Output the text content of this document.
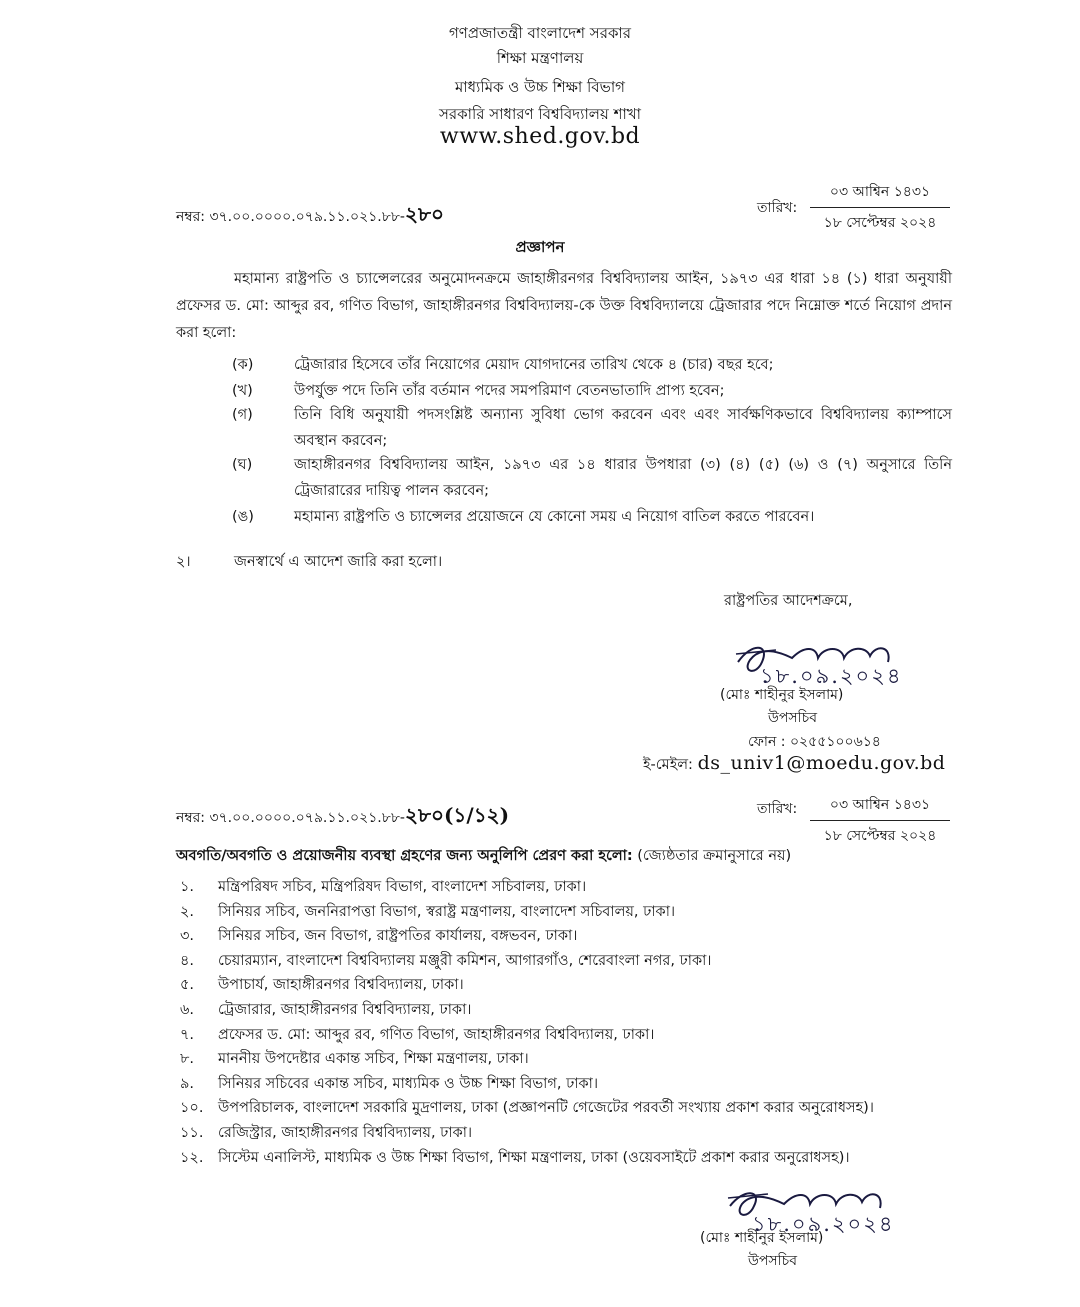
গণপ্রজাতন্ত্রী বাংলাদেশ সরকার
শিক্ষা মন্ত্রণালয়
মাধ্যমিক ও উচ্চ শিক্ষা বিভাগ
সরকারি সাধারণ বিশ্ববিদ্যালয় শাখা
www.shed.gov.bd
নম্বর: ৩৭.০০.০০০০.০৭৯.১১.০২১.৮৮-২৮০	তারিখ:
০৩ আশ্বিন ১৪৩১
১৮ সেপ্টেম্বর ২০২৪
প্রজ্ঞাপন
মহামান্য রাষ্ট্রপতি ও চ্যান্সেলরের অনুমোদনক্রমে জাহাঙ্গীরনগর বিশ্ববিদ্যালয় আইন, ১৯৭৩ এর ধারা ১৪ (১) ধারা অনুযায়ী প্রফেসর ড. মো: আব্দুর রব, গণিত বিভাগ, জাহাঙ্গীরনগর বিশ্ববিদ্যালয়-কে উক্ত বিশ্ববিদ্যালয়ে ট্রেজারার পদে নিম্নোক্ত শর্তে নিয়োগ প্রদান করা হলো:
(ক)	ট্রেজারার হিসেবে তাঁর নিয়োগের মেয়াদ যোগদানের তারিখ থেকে ৪ (চার) বছর হবে;
(খ)	উপর্যুক্ত পদে তিনি তাঁর বর্তমান পদের সমপরিমাণ বেতনভাতাদি প্রাপ্য হবেন;
(গ)	তিনি বিধি অনুযায়ী পদসংশ্লিষ্ট অন্যান্য সুবিধা ভোগ করবেন এবং এবং সার্বক্ষণিকভাবে বিশ্ববিদ্যালয় ক্যাম্পাসে অবস্থান করবেন;
(ঘ)	জাহাঙ্গীরনগর বিশ্ববিদ্যালয় আইন, ১৯৭৩ এর ১৪ ধারার উপধারা (৩) (৪) (৫) (৬) ও (৭) অনুসারে তিনি ট্রেজারারের দায়িত্ব পালন করবেন;
(ঙ)	মহামান্য রাষ্ট্রপতি ও চ্যান্সেলর প্রয়োজনে যে কোনো সময় এ নিয়োগ বাতিল করতে পারবেন।
২।	জনস্বার্থে এ আদেশ জারি করা হলো।
রাষ্ট্রপতির আদেশক্রমে,
১৮.০৯.২০২৪
(মোঃ শাহীনুর ইসলাম)
উপসচিব
ফোন : ০২৫৫১০০৬১৪
ই-মেইল: ds_univ1@moedu.gov.bd
নম্বর: ৩৭.০০.০০০০.০৭৯.১১.০২১.৮৮-২৮০(১/১২)	তারিখ:	০৩ আশ্বিন ১৪৩১
১৮ সেপ্টেম্বর ২০২৪
অবগতি/অবগতি ও প্রয়োজনীয় ব্যবস্থা গ্রহণের জন্য অনুলিপি প্রেরণ করা হলো: (জ্যেষ্ঠতার ক্রমানুসারে নয়)
১. মন্ত্রিপরিষদ সচিব, মন্ত্রিপরিষদ বিভাগ, বাংলাদেশ সচিবালয়, ঢাকা।
২. সিনিয়র সচিব, জননিরাপত্তা বিভাগ, স্বরাষ্ট্র মন্ত্রণালয়, বাংলাদেশ সচিবালয়, ঢাকা।
৩. সিনিয়র সচিব, জন বিভাগ, রাষ্ট্রপতির কার্যালয়, বঙ্গভবন, ঢাকা।
৪. চেয়ারম্যান, বাংলাদেশ বিশ্ববিদ্যালয় মঞ্জুরী কমিশন, আগারগাঁও, শেরেবাংলা নগর, ঢাকা।
৫. উপাচার্য, জাহাঙ্গীরনগর বিশ্ববিদ্যালয়, ঢাকা।
৬. ট্রেজারার, জাহাঙ্গীরনগর বিশ্ববিদ্যালয়, ঢাকা।
৭. প্রফেসর ড. মো: আব্দুর রব, গণিত বিভাগ, জাহাঙ্গীরনগর বিশ্ববিদ্যালয়, ঢাকা।
৮. মাননীয় উপদেষ্টার একান্ত সচিব, শিক্ষা মন্ত্রণালয়, ঢাকা।
৯. সিনিয়র সচিবের একান্ত সচিব, মাধ্যমিক ও উচ্চ শিক্ষা বিভাগ, ঢাকা।
১০. উপপরিচালক, বাংলাদেশ সরকারি মুদ্রণালয়, ঢাকা (প্রজ্ঞাপনটি গেজেটের পরবর্তী সংখ্যায় প্রকাশ করার অনুরোধসহ)।
১১. রেজিস্ট্রার, জাহাঙ্গীরনগর বিশ্ববিদ্যালয়, ঢাকা।
১২. সিস্টেম এনালিস্ট, মাধ্যমিক ও উচ্চ শিক্ষা বিভাগ, শিক্ষা মন্ত্রণালয়, ঢাকা (ওয়েবসাইটে প্রকাশ করার অনুরোধসহ)।
১৮.০৯.২০২৪
(মোঃ শাহীনুর ইসলাম)
উপসচিব
